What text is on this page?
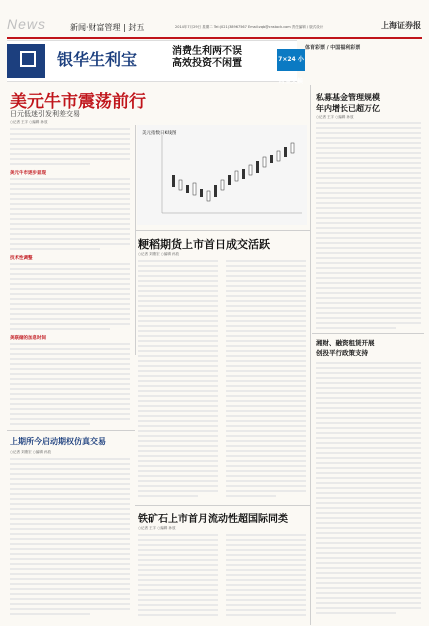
News	新闻·财富管理 | 封五	2014年7月29日 星期二 Tel:(021)38967567 Email:zqb@cnstock.com 责任编辑 / 版式设计	上海证券报
银华生利宝	消费生利两不误
高效投资不闲置	7×24 小时全天候
体育彩票 / 中国福利彩票
美元牛市震荡前行
日元低迷引发利差交易
○记者 王宇 ○编辑 孙放
美元牛市逐步显现
技术性调整
美联储的加息时间
美元指数日K线图
粳稻期货上市首日成交活跃
○记者 刘康宏 ○编辑 孙放
上期所今启动期权仿真交易
○记者 刘康宏 ○编辑 孙放
铁矿石上市首月流动性超国际同类
○记者 王宇 ○编辑 孙放
私募基金管理规模
年内增长已超万亿
○记者 王宇 ○编辑 孙放
湘财、融资租赁开展
创投平行政策支持
